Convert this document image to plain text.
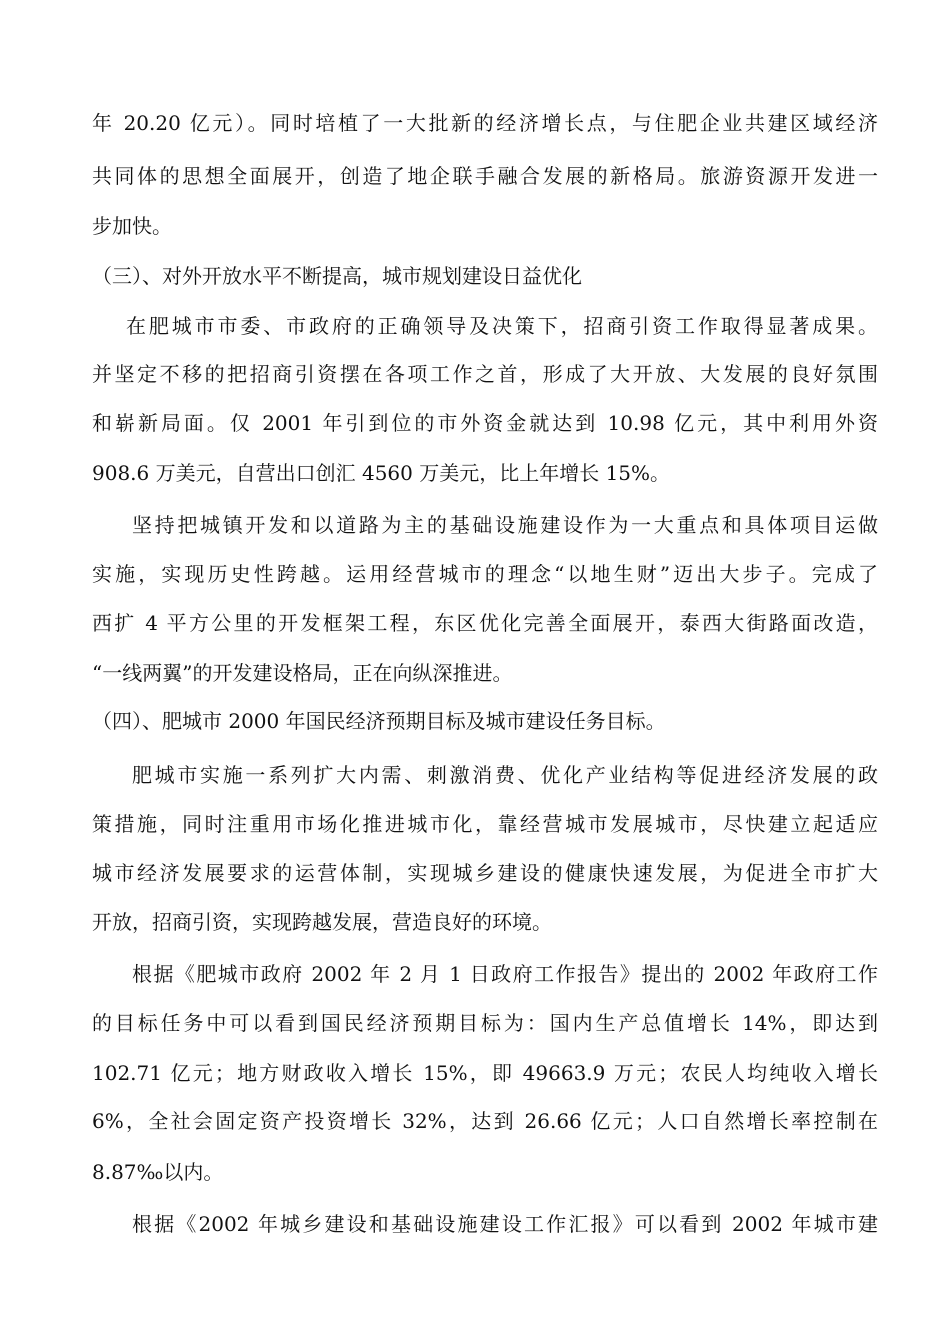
年 20.20 亿元）。同时培植了一大批新的经济增长点，与住肥企业共建区域经济
共同体的思想全面展开，创造了地企联手融合发展的新格局。旅游资源开发进一
步加快。
（三）、对外开放水平不断提高，城市规划建设日益优化
在肥城市市委、市政府的正确领导及决策下，招商引资工作取得显著成果。
并坚定不移的把招商引资摆在各项工作之首，形成了大开放、大发展的良好氛围
和崭新局面。仅 2001 年引到位的市外资金就达到 10.98 亿元，其中利用外资
908.6 万美元，自营出口创汇 4560 万美元，比上年增长 15%。
坚持把城镇开发和以道路为主的基础设施建设作为一大重点和具体项目运做
实施，实现历史性跨越。运用经营城市的理念“以地生财”迈出大步子。完成了
西扩 4 平方公里的开发框架工程，东区优化完善全面展开，泰西大街路面改造，
“一线两翼”的开发建设格局，正在向纵深推进。
（四）、肥城市 2000 年国民经济预期目标及城市建设任务目标。
肥城市实施一系列扩大内需、刺激消费、优化产业结构等促进经济发展的政
策措施，同时注重用市场化推进城市化，靠经营城市发展城市，尽快建立起适应
城市经济发展要求的运营体制，实现城乡建设的健康快速发展，为促进全市扩大
开放，招商引资，实现跨越发展，营造良好的环境。
根据《肥城市政府 2002 年 2 月 1 日政府工作报告》提出的 2002 年政府工作
的目标任务中可以看到国民经济预期目标为：国内生产总值增长 14%，即达到
102.71 亿元；地方财政收入增长 15%，即 49663.9 万元；农民人均纯收入增长
6%，全社会固定资产投资增长 32%，达到 26.66 亿元；人口自然增长率控制在
8.87‰以内。
根据《2002 年城乡建设和基础设施建设工作汇报》可以看到 2002 年城市建
